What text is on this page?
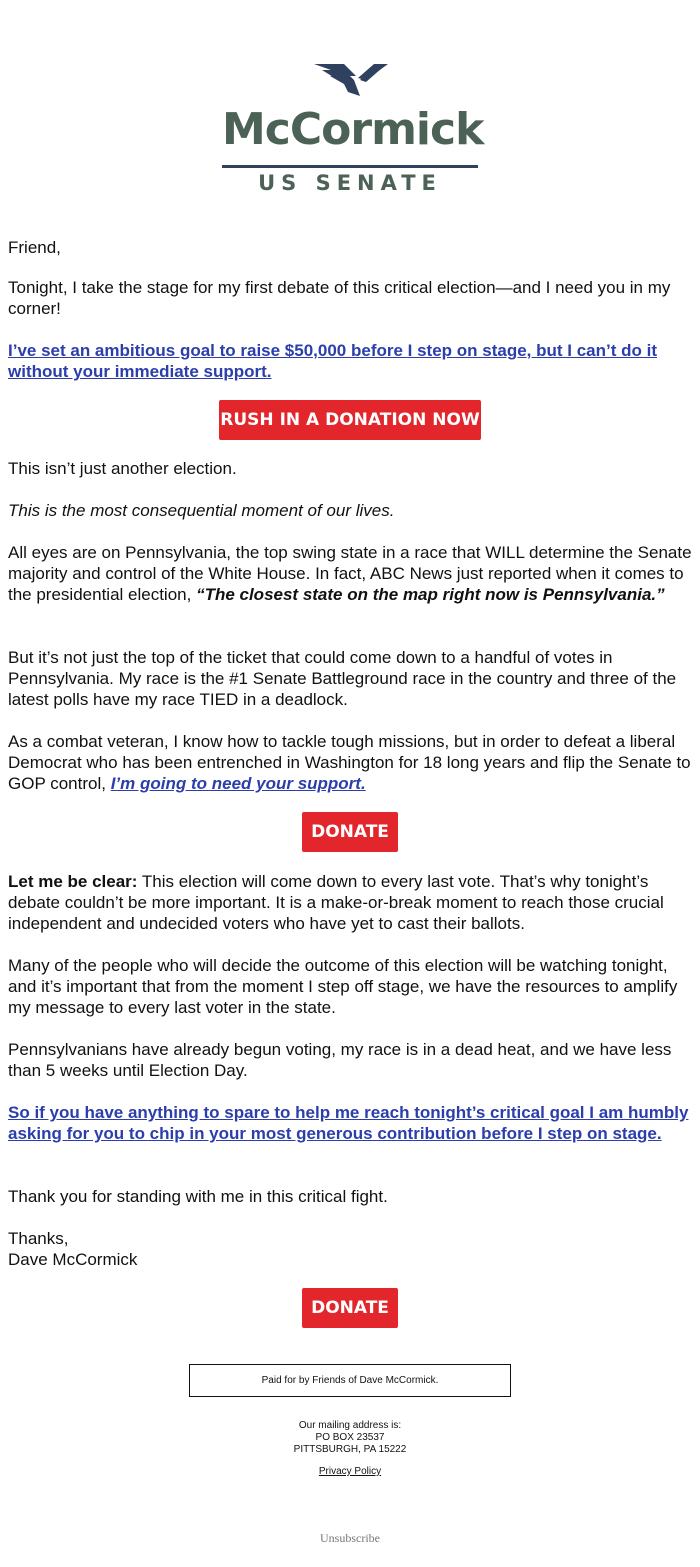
McCormick
US SENATE

Friend,

Tonight, I take the stage for my first debate of this critical election—and I need you in my corner!

I’ve set an ambitious goal to raise $50,000 before I step on stage, but I can’t do it without your immediate support.

RUSH IN A DONATION NOW

This isn’t just another election.

This is the most consequential moment of our lives.

All eyes are on Pennsylvania, the top swing state in a race that WILL determine the Senate majority and control of the White House. In fact, ABC News just reported when it comes to the presidential election, “The closest state on the map right now is Pennsylvania.”

But it’s not just the top of the ticket that could come down to a handful of votes in Pennsylvania. My race is the #1 Senate Battleground race in the country and three of the latest polls have my race TIED in a deadlock.

As a combat veteran, I know how to tackle tough missions, but in order to defeat a liberal Democrat who has been entrenched in Washington for 18 long years and flip the Senate to GOP control, I’m going to need your support.

DONATE

Let me be clear: This election will come down to every last vote. That’s why tonight’s debate couldn’t be more important. It is a make-or-break moment to reach those crucial independent and undecided voters who have yet to cast their ballots.

Many of the people who will decide the outcome of this election will be watching tonight, and it’s important that from the moment I step off stage, we have the resources to amplify my message to every last voter in the state.

Pennsylvanians have already begun voting, my race is in a dead heat, and we have less than 5 weeks until Election Day.

So if you have anything to spare to help me reach tonight’s critical goal I am humbly asking for you to chip in your most generous contribution before I step on stage.

Thank you for standing with me in this critical fight.

Thanks,

Dave McCormick

DONATE
Paid for by Friends of Dave McCormick.
Our mailing address is:
PO BOX 23537
PITTSBURGH, PA 15222
Privacy Policy
Unsubscribe
